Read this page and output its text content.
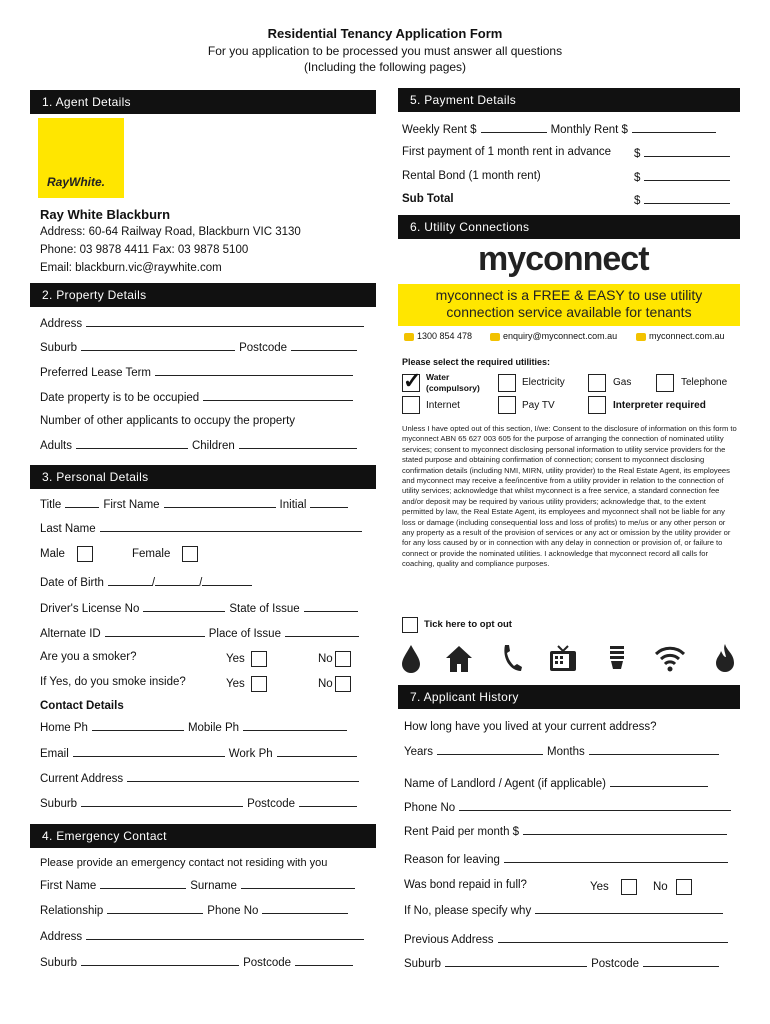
Residential Tenancy Application Form
For you application to be processed you must answer all questions
(Including the following pages)
1. Agent Details
RayWhite.
Ray White Blackburn
Address: 60-64 Railway Road, Blackburn VIC 3130
Phone: 03 9878 4411 Fax: 03 9878 5100
Email: blackburn.vic@raywhite.com
2. Property Details
Address
Suburb	Postcode
Preferred Lease Term
Date property is to be occupied
Number of other applicants to occupy the property
Adults	Children
3. Personal Details
Title	First Name	Initial
Last Name
Male	Female
Date of Birth	/	/
Driver's License No	State of Issue
Alternate ID	Place of Issue
Are you a smoker?	Yes	No
If Yes, do you smoke inside?	Yes	No
Contact Details
Home Ph	Mobile Ph
Email	Work Ph
Current Address
Suburb	Postcode
4. Emergency Contact
Please provide an emergency contact not residing with you
First Name	Surname
Relationship	Phone No
Address
Suburb	Postcode
5. Payment Details
Weekly Rent $	Monthly Rent $
First payment of 1 month rent in advance $
Rental Bond (1 month rent)	$
Sub Total	$
6. Utility Connections
myconnect
myconnect is a FREE & EASY to use utility
connection service available for tenants
1300 854 478	enquiry@myconnect.com.au	myconnect.com.au
Please select the required utilities:
✓ Water
(compulsory)	Electricity	Gas	Telephone
Internet	Pay TV	Interpreter required
Unless I have opted out of this section, I/we: Consent to the disclosure of information on this form to myconnect ABN 65 627 003 605 for the purpose of arranging the connection of nominated utility services; consent to myconnect disclosing personal information to utility service providers for the stated purpose and obtaining confirmation of connection; consent to myconnect disclosing confirmation details (including NMI, MIRN, utility provider) to the Real Estate Agent, its employees and myconnect may receive a fee/incentive from a utility provider in relation to the connection of utility services; acknowledge that whilst myconnect is a free service, a standard connection fee and/or deposit may be required by various utility providers; acknowledge that, to the extent permitted by law, the Real Estate Agent, its employees and myconnect shall not be liable for any loss or damage (including consequential loss and loss of profits) to me/us or any other person or any property as a result of the provision of services or any act or omission by the utility provider or for any loss caused by or in connection with any delay in connection or provision of, or failure to connect or provide the nominated utilities. I acknowledge that myconnect record all calls for coaching, quality and compliance purposes.
Tick here to opt out
7. Applicant History
How long have you lived at your current address?
Years	Months
Name of Landlord / Agent (if applicable)
Phone No
Rent Paid per month $
Reason for leaving
Was bond repaid in full?	Yes	No
If No, please specify why
Previous Address
Suburb	Postcode
